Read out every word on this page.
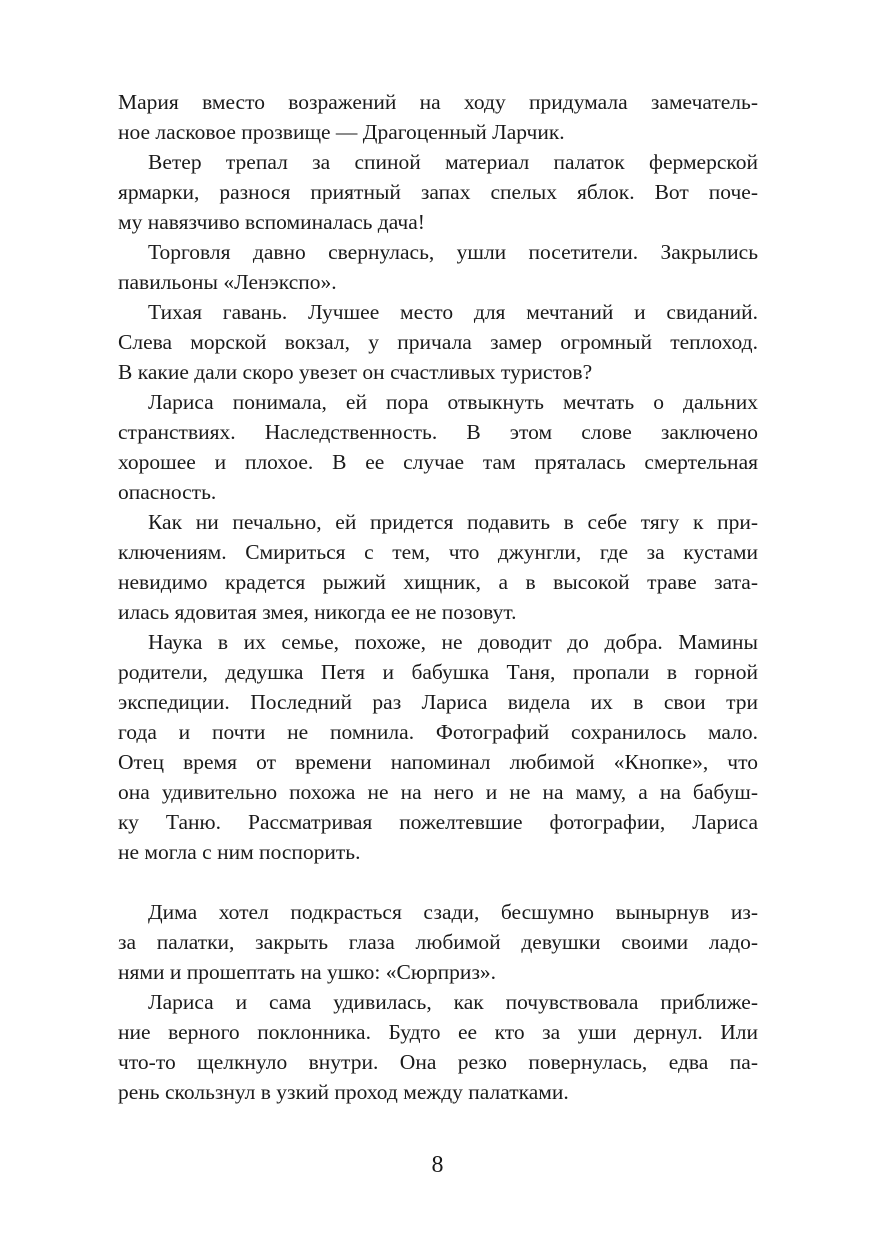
Мария вместо возражений на ходу придумала замечатель-
ное ласковое прозвище — Драгоценный Ларчик.
Ветер трепал за спиной материал палаток фермерской
ярмарки, разнося приятный запах спелых яблок. Вот поче-
му навязчиво вспоминалась дача!
Торговля давно свернулась, ушли посетители. Закрылись
павильоны «Ленэкспо».
Тихая гавань. Лучшее место для мечтаний и свиданий.
Слева морской вокзал, у причала замер огромный теплоход.
В какие дали скоро увезет он счастливых туристов?
Лариса понимала, ей пора отвыкнуть мечтать о дальних
странствиях. Наследственность. В этом слове заключено
хорошее и плохое. В ее случае там пряталась смертельная
опасность.
Как ни печально, ей придется подавить в себе тягу к при-
ключениям. Смириться с тем, что джунгли, где за кустами
невидимо крадется рыжий хищник, а в высокой траве зата-
илась ядовитая змея, никогда ее не позовут.
Наука в их семье, похоже, не доводит до добра. Мамины
родители, дедушка Петя и бабушка Таня, пропали в горной
экспедиции. Последний раз Лариса видела их в свои три
года и почти не помнила. Фотографий сохранилось мало.
Отец время от времени напоминал любимой «Кнопке», что
она удивительно похожа не на него и не на маму, а на бабуш-
ку Таню. Рассматривая пожелтевшие фотографии, Лариса
не могла с ним поспорить.
Дима хотел подкрасться сзади, бесшумно вынырнув из-
за палатки, закрыть глаза любимой девушки своими ладо-
нями и прошептать на ушко: «Сюрприз».
Лариса и сама удивилась, как почувствовала приближе-
ние верного поклонника. Будто ее кто за уши дернул. Или
что-то щелкнуло внутри. Она резко повернулась, едва па-
рень скользнул в узкий проход между палатками.
8
